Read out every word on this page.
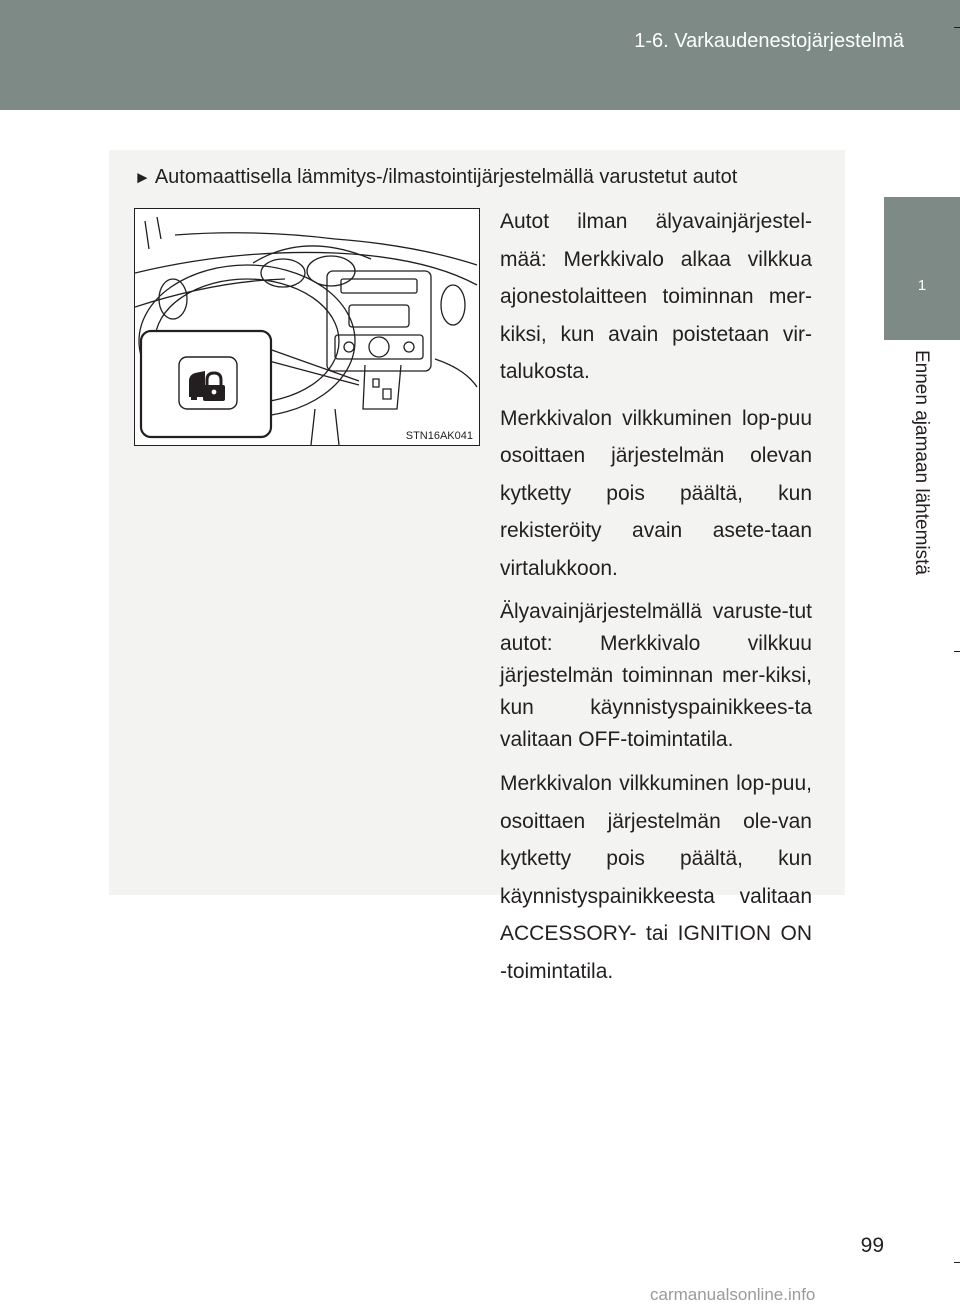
1-6. Varkaudenestojärjestelmä
1
Ennen ajamaan lähtemistä
► Automaattisella lämmitys-/ilmastointijärjestelmällä varustetut autot
STN16AK041

Autot ilman älyavainjärjestel-mää: Merkkivalo alkaa vilkkua ajonestolaitteen toiminnan mer-kiksi, kun avain poistetaan vir-talukosta.

Merkkivalon vilkkuminen lop-puu osoittaen järjestelmän olevan kytketty pois päältä, kun rekisteröity avain asete-taan virtalukkoon.

Älyavainjärjestelmällä varuste-tut autot: Merkkivalo vilkkuu järjestelmän toiminnan mer-kiksi, kun käynnistyspainikkees-ta valitaan OFF-toimintatila.

Merkkivalon vilkkuminen lop-puu, osoittaen järjestelmän ole-van kytketty pois päältä, kun käynnistyspainikkeesta valitaan ACCESSORY- tai IGNITION ON -toimintatila.

99
carmanualsonline.info
